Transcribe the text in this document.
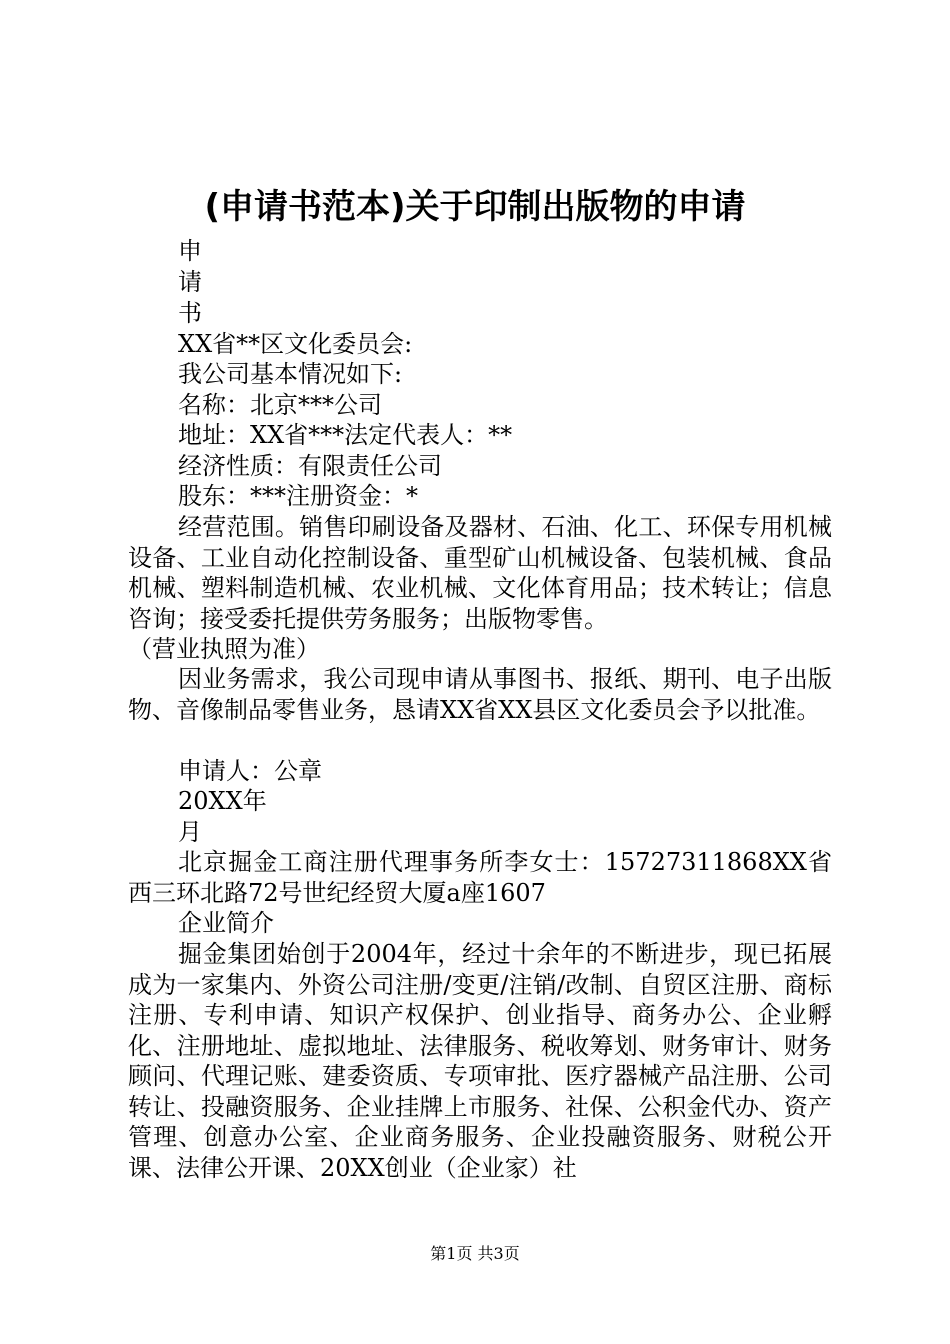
(申请书范本)关于印制出版物的申请
申
请
书
XX省**区文化委员会:
我公司基本情况如下:
名称：北京***公司
地址：XX省***法定代表人：**
经济性质：有限责任公司
股东：***注册资金：*
经营范围。销售印刷设备及器材、石油、化工、环保专用机械设备、工业自动化控制设备、重型矿山机械设备、包装机械、食品机械、塑料制造机械、农业机械、文化体育用品；技术转让；信息咨询；接受委托提供劳务服务；出版物零售。
（营业执照为准）
因业务需求，我公司现申请从事图书、报纸、期刊、电子出版物、音像制品零售业务，恳请XX省XX县区文化委员会予以批准。
申请人：公章
20XX年
月
北京掘金工商注册代理事务所李女士：15727311868XX省西三环北路72号世纪经贸大厦a座1607
企业简介
掘金集团始创于2004年，经过十余年的不断进步，现已拓展成为一家集内、外资公司注册/变更/注销/改制、自贸区注册、商标注册、专利申请、知识产权保护、创业指导、商务办公、企业孵化、注册地址、虚拟地址、法律服务、税收筹划、财务审计、财务顾问、代理记账、建委资质、专项审批、医疗器械产品注册、公司转让、投融资服务、企业挂牌上市服务、社保、公积金代办、资产管理、创意办公室、企业商务服务、企业投融资服务、财税公开课、法律公开课、20XX创业（企业家）社
第1页 共3页
